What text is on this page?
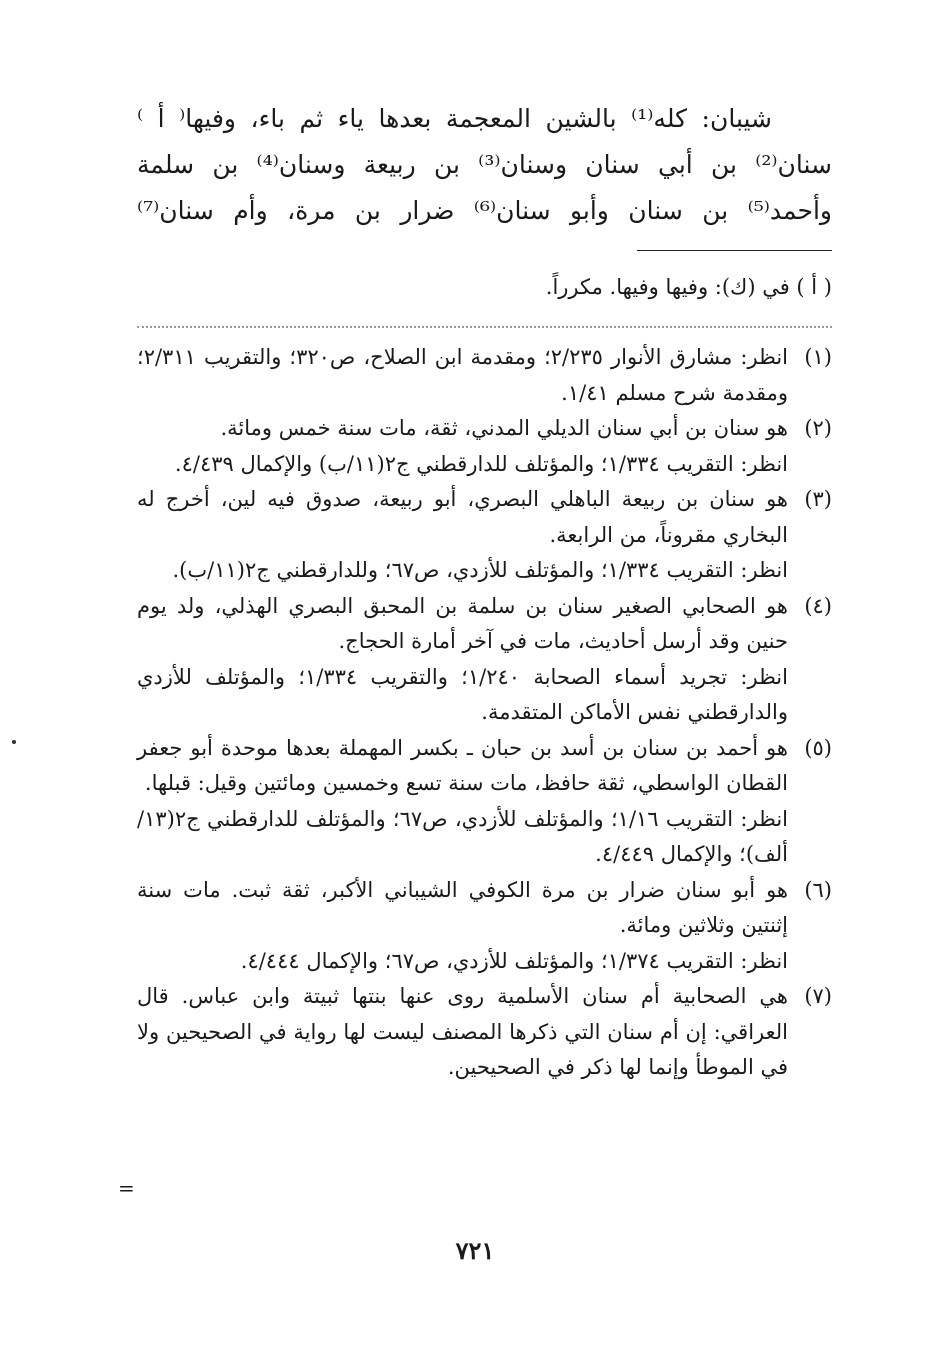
شيبان: كله⁽¹⁾ بالشين المعجمة بعدها ياء ثم باء، وفيها⁽ أ ⁾
سنان⁽²⁾ بن أبي سنان وسنان⁽³⁾ بن ربيعة وسنان⁽⁴⁾ بن سلمة
وأحمد⁽⁵⁾ بن سنان وأبو سنان⁽⁶⁾ ضرار بن مرة، وأم سنان⁽⁷⁾
( أ ) في (ك): وفيها وفيها. مكرراً.
(١)
انظر: مشارق الأنوار ٢/٢٣٥؛ ومقدمة ابن الصلاح، ص٣٢٠؛ والتقريب ٢/٣١١؛ ومقدمة شرح مسلم ١/٤١.
(٢)
هو سنان بن أبي سنان الديلي المدني، ثقة، مات سنة خمس ومائة.
انظر: التقريب ١/٣٣٤؛ والمؤتلف للدارقطني ج٢(١١/ب) والإكمال ٤/٤٣٩.
(٣)
هو سنان بن ربيعة الباهلي البصري، أبو ربيعة، صدوق فيه لين، أخرج له البخاري مقروناً، من الرابعة.
انظر: التقريب ١/٣٣٤؛ والمؤتلف للأزدي، ص٦٧؛ وللدارقطني ج٢(١١/ب).
(٤)
هو الصحابي الصغير سنان بن سلمة بن المحبق البصري الهذلي، ولد يوم حنين وقد أرسل أحاديث، مات في آخر أمارة الحجاج.
انظر: تجريد أسماء الصحابة ١/٢٤٠؛ والتقريب ١/٣٣٤؛ والمؤتلف للأزدي والدارقطني نفس الأماكن المتقدمة.
(٥)
هو أحمد بن سنان بن أسد بن حبان ـ بكسر المهملة بعدها موحدة أبو جعفر القطان الواسطي، ثقة حافظ، مات سنة تسع وخمسين ومائتين وقيل: قبلها.
انظر: التقريب ١/١٦؛ والمؤتلف للأزدي، ص٦٧؛ والمؤتلف للدارقطني ج٢(١٣/ألف)؛ والإكمال ٤/٤٤٩.
(٦)
هو أبو سنان ضرار بن مرة الكوفي الشيباني الأكبر، ثقة ثبت. مات سنة إثنتين وثلاثين ومائة.
انظر: التقريب ١/٣٧٤؛ والمؤتلف للأزدي، ص٦٧؛ والإكمال ٤/٤٤٤.
(٧)
هي الصحابية أم سنان الأسلمية روى عنها بنتها ثبيتة وابن عباس. قال العراقي: إن أم سنان التي ذكرها المصنف ليست لها رواية في الصحيحين ولا في الموطأ وإنما لها ذكر في الصحيحين.
=
٧٢١
